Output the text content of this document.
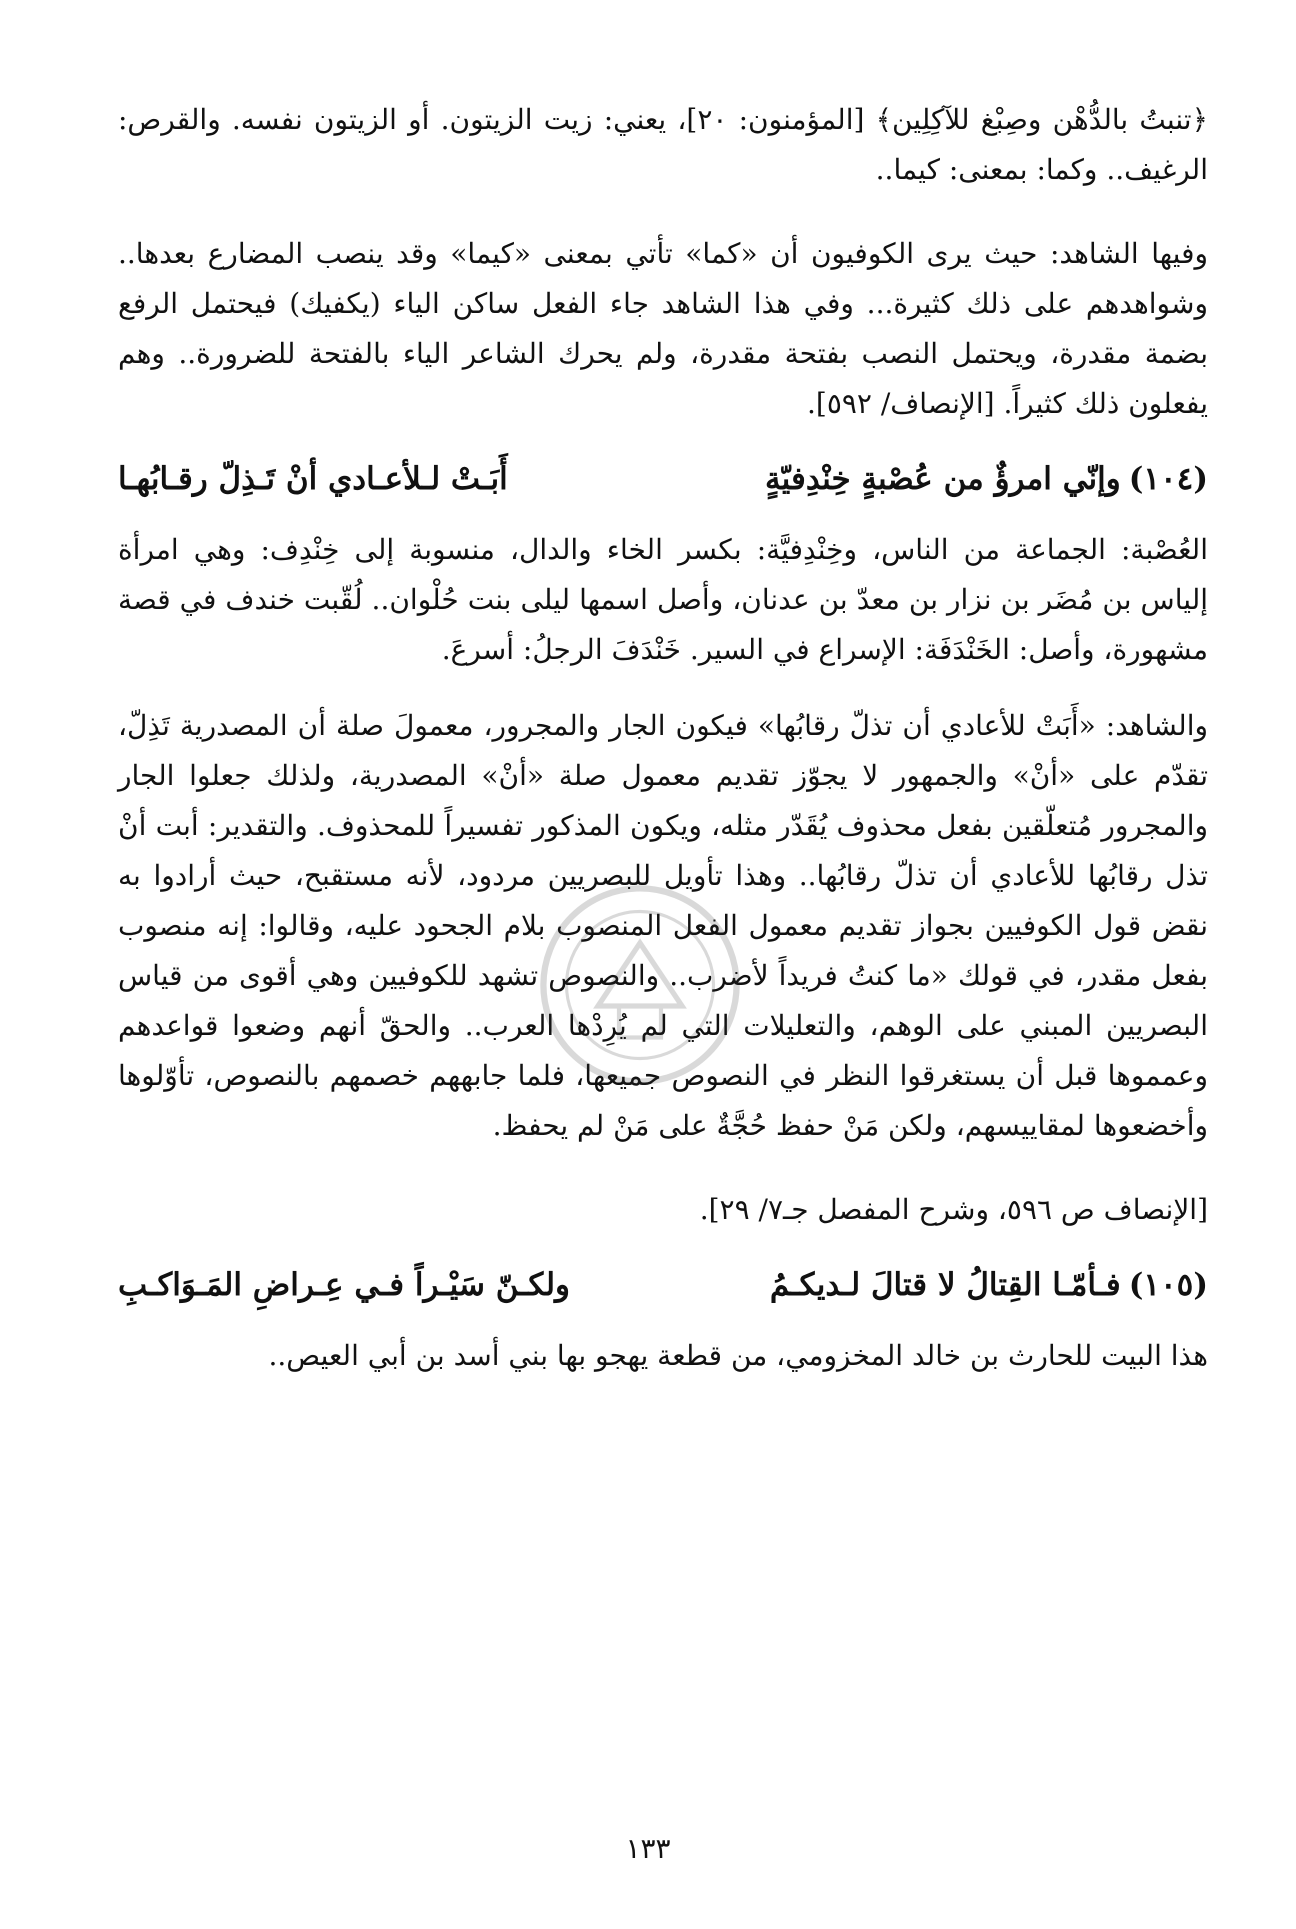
﴿تنبتُ بالدُّهْن وصِبْغ للآكِلِين﴾ [المؤمنون: ٢٠]، يعني: زيت الزيتون. أو الزيتون نفسه. والقرص: الرغيف.. وكما: بمعنى: كيما..

وفيها الشاهد: حيث يرى الكوفيون أن «كما» تأتي بمعنى «كيما» وقد ينصب المضارع بعدها.. وشواهدهم على ذلك كثيرة... وفي هذا الشاهد جاء الفعل ساكن الياء (يكفيك) فيحتمل الرفع بضمة مقدرة، ويحتمل النصب بفتحة مقدرة، ولم يحرك الشاعر الياء بالفتحة للضرورة.. وهم يفعلون ذلك كثيراً. [الإنصاف/ ٥٩٢].

(١٠٤)وإنّي امرؤٌ من عُصْبةٍ خِنْدِفيّةٍ
أَبَـتْ لـلأعـادي أنْ تَـذِلّ رقـابُهـا

العُصْبة: الجماعة من الناس، وخِنْدِفيَّة: بكسر الخاء والدال، منسوبة إلى خِنْدِف: وهي امرأة إلياس بن مُضَر بن نزار بن معدّ بن عدنان، وأصل اسمها ليلى بنت حُلْوان.. لُقّبت خندف في قصة مشهورة، وأصل: الخَنْدَفَة: الإسراع في السير. خَنْدَفَ الرجلُ: أسرعَ.

والشاهد: «أَبَتْ للأعادي أن تذلّ رقابُها» فيكون الجار والمجرور، معمولَ صلة أن المصدرية تَذِلّ، تقدّم على «أنْ» والجمهور لا يجوّز تقديم معمول صلة «أنْ» المصدرية، ولذلك جعلوا الجار والمجرور مُتعلّقين بفعل محذوف يُقَدّر مثله، ويكون المذكور تفسيراً للمحذوف. والتقدير: أبت أنْ تذل رقابُها للأعادي أن تذلّ رقابُها.. وهذا تأويل للبصريين مردود، لأنه مستقبح، حيث أرادوا به نقض قول الكوفيين بجواز تقديم معمول الفعل المنصوب بلام الجحود عليه، وقالوا: إنه منصوب بفعل مقدر، في قولك «ما كنتُ فريداً لأضرب.. والنصوص تشهد للكوفيين وهي أقوى من قياس البصريين المبني على الوهم، والتعليلات التي لم يُرِدْها العرب.. والحقّ أنهم وضعوا قواعدهم وعمموها قبل أن يستغرقوا النظر في النصوص جميعها، فلما جابههم خصمهم بالنصوص، تأوّلوها وأخضعوها لمقاييسهم، ولكن مَنْ حفظ حُجَّةٌ على مَنْ لم يحفظ.

[الإنصاف ص ٥٩٦، وشرح المفصل جـ٧/ ٢٩].

(١٠٥)فـأمّـا القِتالُ لا قتالَ لـديكـمُ
ولكـنّ سَيْـراً فـي عِـراضِ المَـوَاكـبِ

هذا البيت للحارث بن خالد المخزومي، من قطعة يهجو بها بني أسد بن أبي العيص..

١٣٣
